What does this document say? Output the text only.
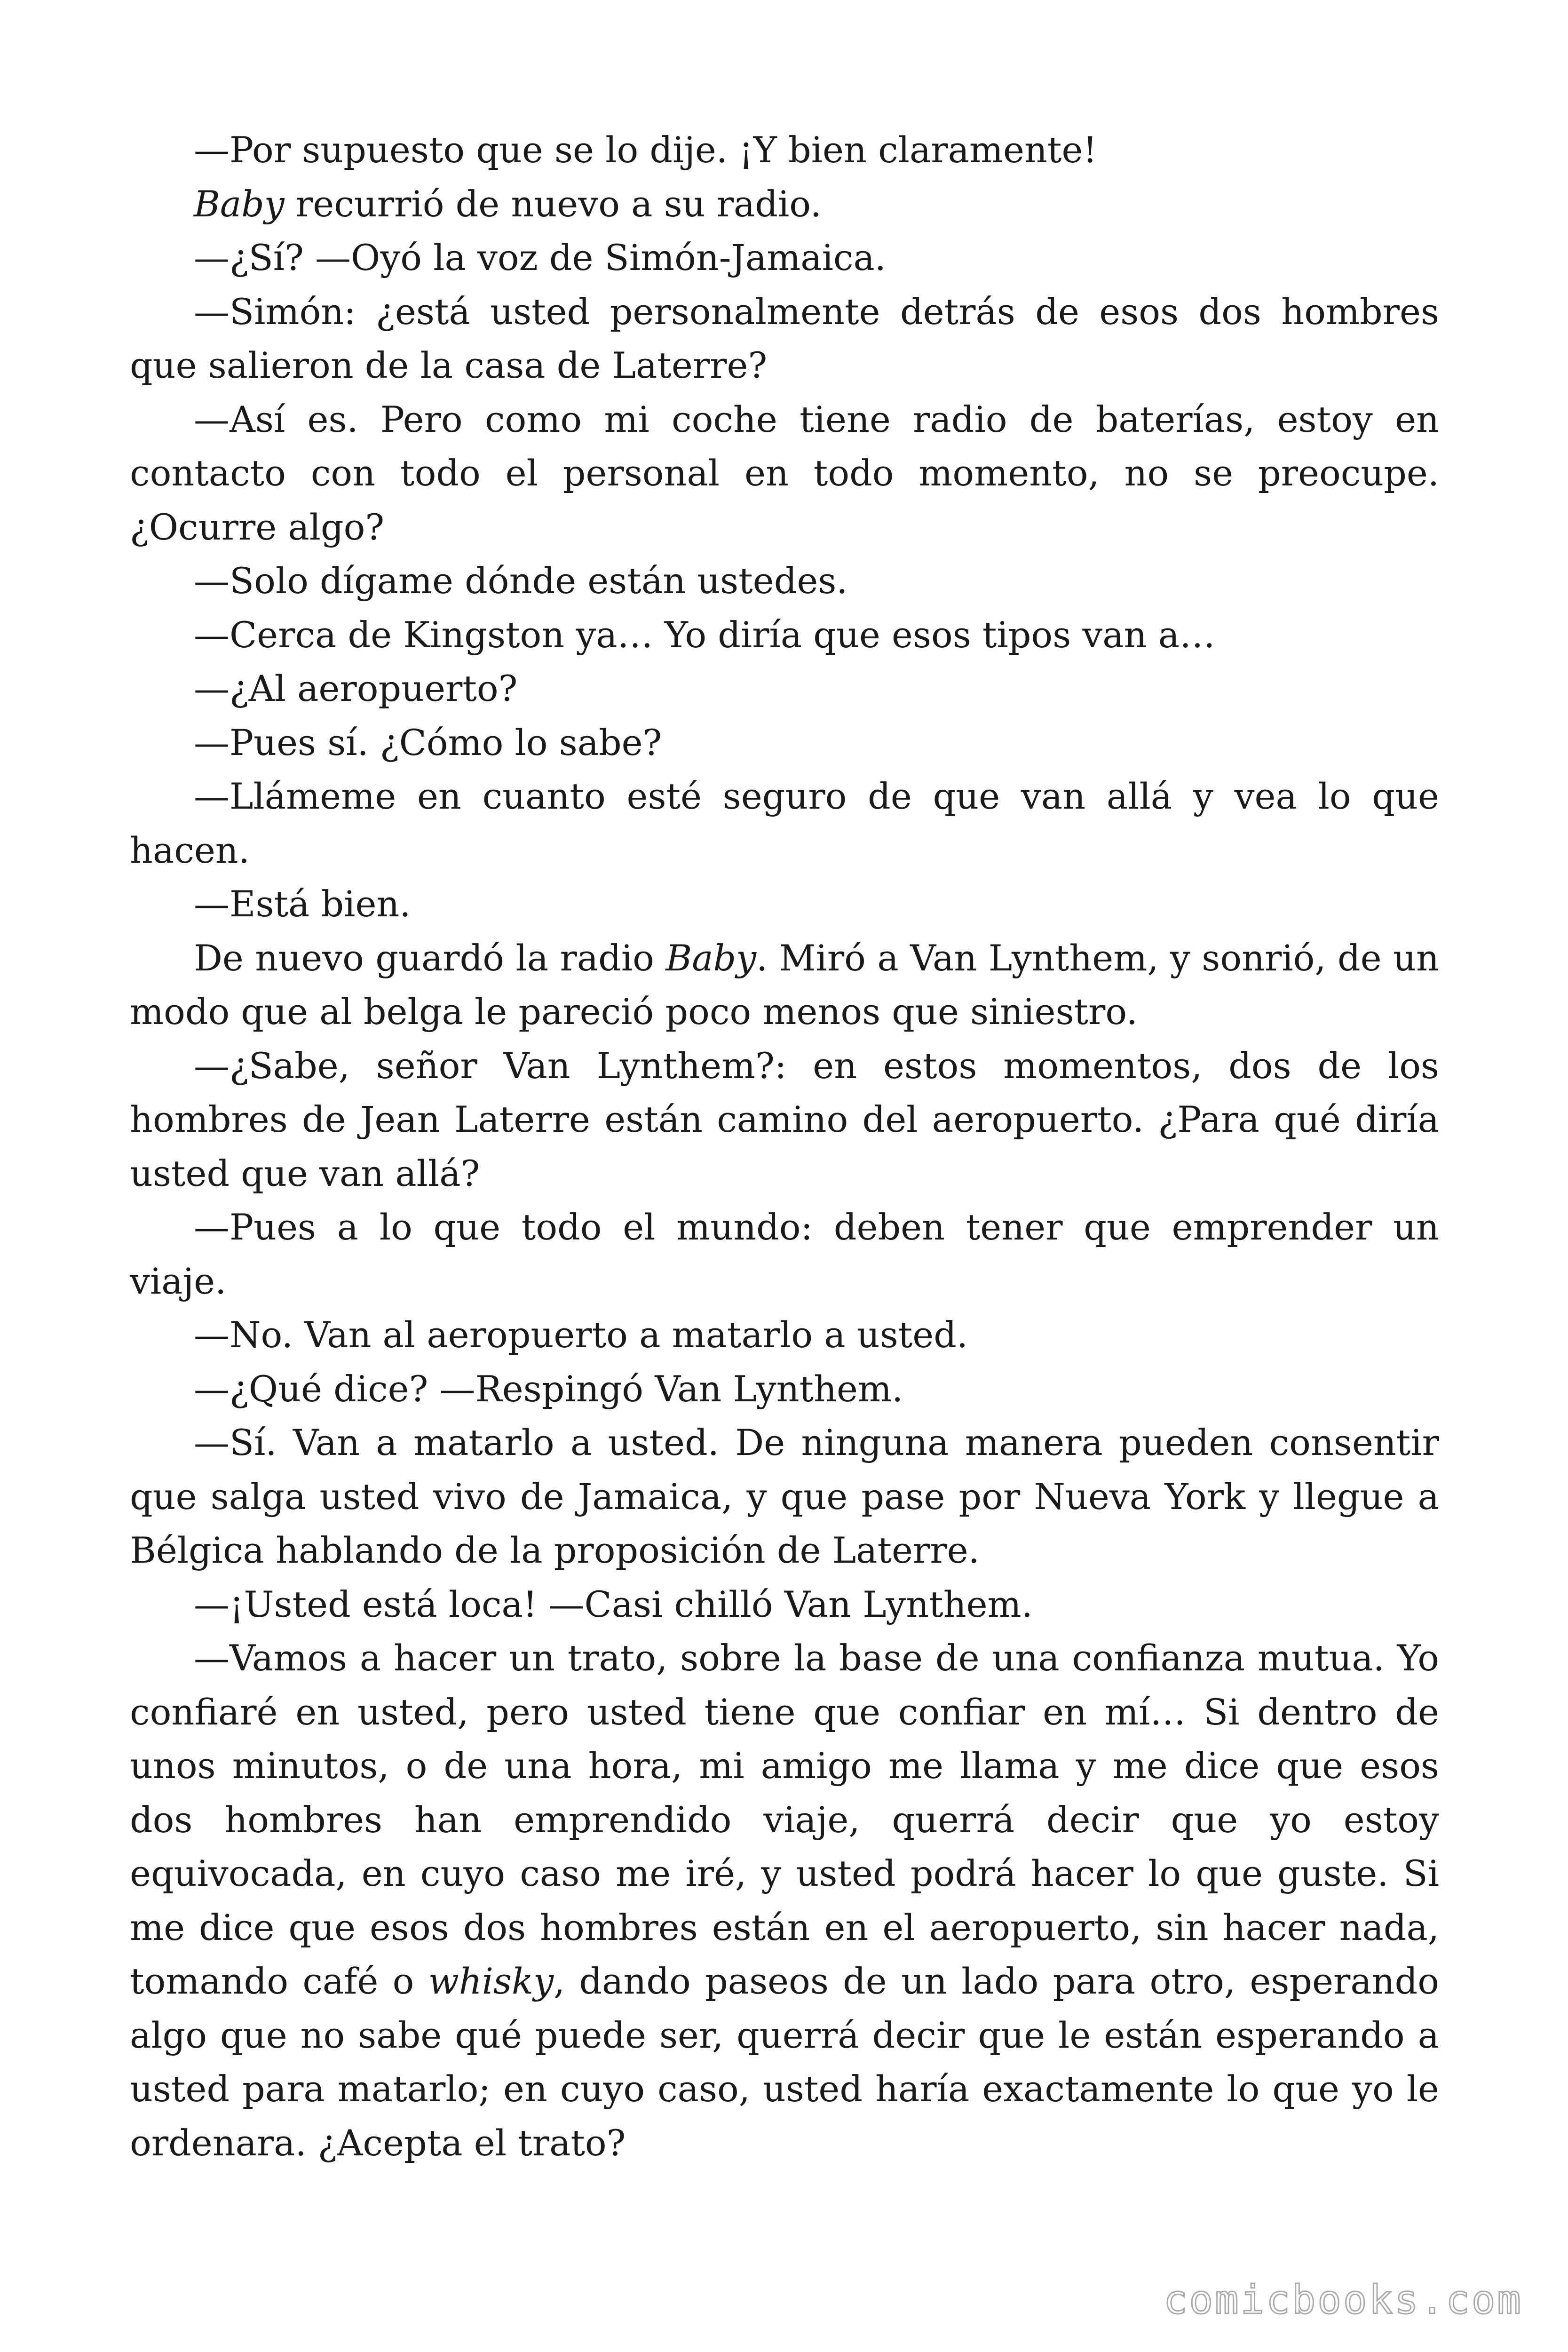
—Por supuesto que se lo dije. ¡Y bien claramente!

Baby recurrió de nuevo a su radio.

—¿Sí? —Oyó la voz de Simón-Jamaica.

—Simón: ¿está usted personalmente detrás de esos dos hombres que salieron de la casa de Laterre?

—Así es. Pero como mi coche tiene radio de baterías, estoy en contacto con todo el personal en todo momento, no se preocupe. ¿Ocurre algo?

—Solo dígame dónde están ustedes.

—Cerca de Kingston ya… Yo diría que esos tipos van a…

—¿Al aeropuerto?

—Pues sí. ¿Cómo lo sabe?

—Llámeme en cuanto esté seguro de que van allá y vea lo que hacen.

—Está bien.

De nuevo guardó la radio Baby. Miró a Van Lynthem, y sonrió, de un modo que al belga le pareció poco menos que siniestro.

—¿Sabe, señor Van Lynthem?: en estos momentos, dos de los hombres de Jean Laterre están camino del aeropuerto. ¿Para qué diría usted que van allá?

—Pues a lo que todo el mundo: deben tener que emprender un viaje.

—No. Van al aeropuerto a matarlo a usted.

—¿Qué dice? —Respingó Van Lynthem.

—Sí. Van a matarlo a usted. De ninguna manera pueden consentir que salga usted vivo de Jamaica, y que pase por Nueva York y llegue a Bélgica hablando de la proposición de Laterre.

—¡Usted está loca! —Casi chilló Van Lynthem.

—Vamos a hacer un trato, sobre la base de una confianza mutua. Yo confiaré en usted, pero usted tiene que confiar en mí… Si dentro de unos minutos, o de una hora, mi amigo me llama y me dice que esos dos hombres han emprendido viaje, querrá decir que yo estoy equivocada, en cuyo caso me iré, y usted podrá hacer lo que guste. Si me dice que esos dos hombres están en el aeropuerto, sin hacer nada, tomando café o whisky, dando paseos de un lado para otro, esperando algo que no sabe qué puede ser, querrá decir que le están esperando a usted para matarlo; en cuyo caso, usted haría exactamente lo que yo le ordenara. ¿Acepta el trato?

comicbooks.com
